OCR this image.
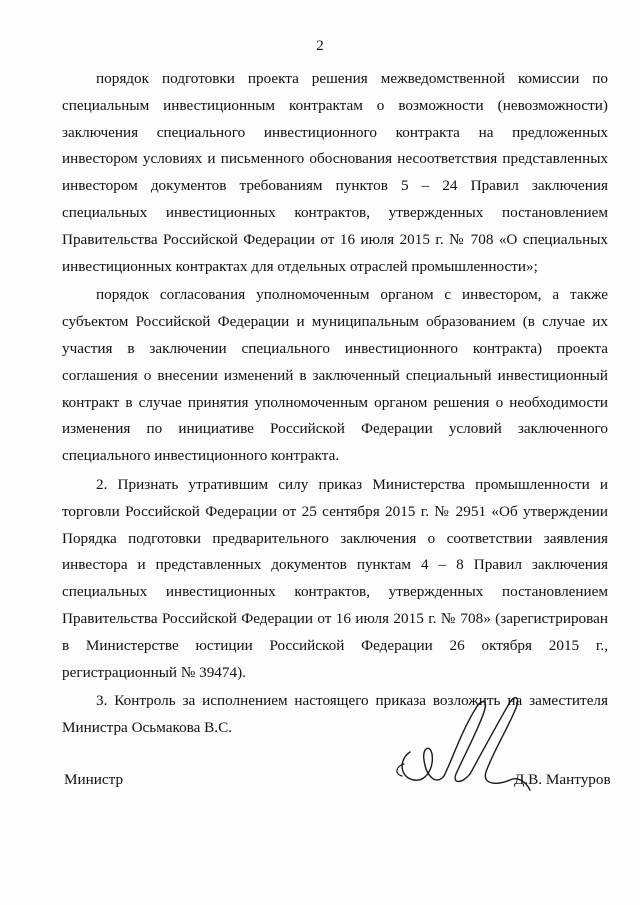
2

порядок подготовки проекта решения межведомственной комиссии по специальным инвестиционным контрактам о возможности (невозможности) заключения специального инвестиционного контракта на предложенных инвестором условиях и письменного обоснования несоответствия представленных инвестором документов требованиям пунктов 5 – 24 Правил заключения специальных инвестиционных контрактов, утвержденных постановлением Правительства Российской Федерации от 16 июля 2015 г. № 708 «О специальных инвестиционных контрактах для отдельных отраслей промышленности»;

порядок согласования уполномоченным органом с инвестором, а также субъектом Российской Федерации и муниципальным образованием (в случае их участия в заключении специального инвестиционного контракта) проекта соглашения о внесении изменений в заключенный специальный инвестиционный контракт в случае принятия уполномоченным органом решения о необходимости изменения по инициативе Российской Федерации условий заключенного специального инвестиционного контракта.

2. Признать утратившим силу приказ Министерства промышленности и торговли Российской Федерации от 25 сентября 2015 г. № 2951 «Об утверждении Порядка подготовки предварительного заключения о соответствии заявления инвестора и представленных документов пунктам 4 – 8 Правил заключения специальных инвестиционных контрактов, утвержденных постановлением Правительства Российской Федерации от 16 июля 2015 г. № 708» (зарегистрирован в Министерстве юстиции Российской Федерации 26 октября 2015 г., регистрационный № 39474).

3. Контроль за исполнением настоящего приказа возложить на заместителя Министра Осьмакова В.С.

Министр	Д.В. Мантуров
